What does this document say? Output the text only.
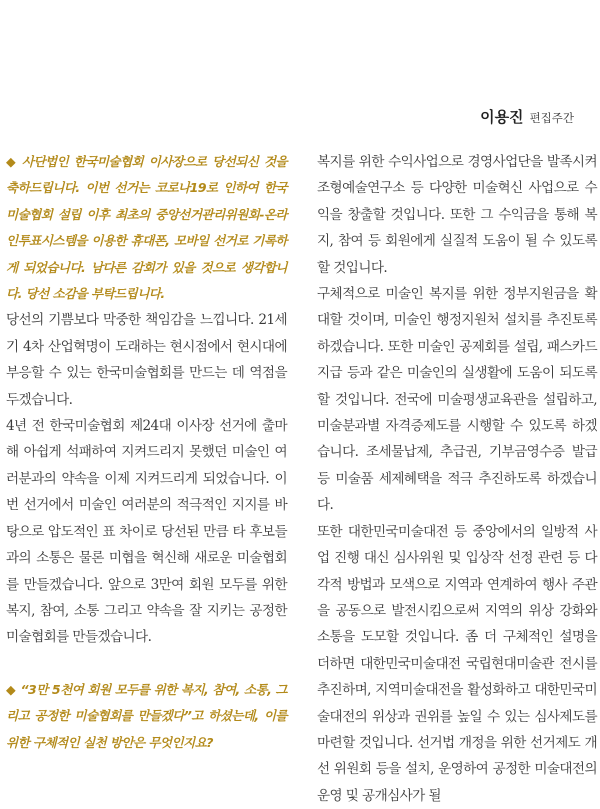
이용진 편집주간

◆ 사단법인 한국미술협회 이사장으로 당선되신 것을 축하드립니다. 이번 선거는 코로나19로 인하여 한국미술협회 설립 이후 최초의 중앙선거관리위원회-온라인투표시스템을 이용한 휴대폰, 모바일 선거로 기록하게 되었습니다. 남다른 감회가 있을 것으로 생각합니다. 당선 소감을 부탁드립니다.

당선의 기쁨보다 막중한 책임감을 느낍니다. 21세기 4차 산업혁명이 도래하는 현시점에서 현시대에 부응할 수 있는 한국미술협회를 만드는 데 역점을 두겠습니다.

4년 전 한국미술협회 제24대 이사장 선거에 출마해 아쉽게 석패하여 지켜드리지 못했던 미술인 여러분과의 약속을 이제 지켜드리게 되었습니다. 이번 선거에서 미술인 여러분의 적극적인 지지를 바탕으로 압도적인 표 차이로 당선된 만큼 타 후보들과의 소통은 물론 미협을 혁신해 새로운 미술협회를 만들겠습니다. 앞으로 3만여 회원 모두를 위한 복지, 참여, 소통 그리고 약속을 잘 지키는 공정한 미술협회를 만들겠습니다.

◆ “3만 5천여 회원 모두를 위한 복지, 참여, 소통, 그리고 공정한 미술협회를 만들겠다”고 하셨는데, 이를 위한 구체적인 실천 방안은 무엇인지요?

복지를 위한 수익사업으로 경영사업단을 발족시켜 조형예술연구소 등 다양한 미술혁신 사업으로 수익을 창출할 것입니다. 또한 그 수익금을 통해 복지, 참여 등 회원에게 실질적 도움이 될 수 있도록 할 것입니다.

구체적으로 미술인 복지를 위한 정부지원금을 확대할 것이며, 미술인 행정지원처 설치를 추진토록 하겠습니다. 또한 미술인 공제회를 설립, 패스카드 지급 등과 같은 미술인의 실생활에 도움이 되도록 할 것입니다. 전국에 미술평생교육관을 설립하고, 미술분과별 자격증제도를 시행할 수 있도록 하겠습니다. 조세물납제, 추급권, 기부금영수증 발급 등 미술품 세제혜택을 적극 추진하도록 하겠습니다.

또한 대한민국미술대전 등 중앙에서의 일방적 사업 진행 대신 심사위원 및 입상작 선정 관련 등 다각적 방법과 모색으로 지역과 연계하여 행사 주관을 공동으로 발전시킴으로써 지역의 위상 강화와 소통을 도모할 것입니다. 좀 더 구체적인 설명을 더하면 대한민국미술대전 국립현대미술관 전시를 추진하며, 지역미술대전을 활성화하고 대한민국미술대전의 위상과 권위를 높일 수 있는 심사제도를 마련할 것입니다. 선거법 개정을 위한 선거제도 개선 위원회 등을 설치, 운영하여 공정한 미술대전의 운영 및 공개심사가 될
